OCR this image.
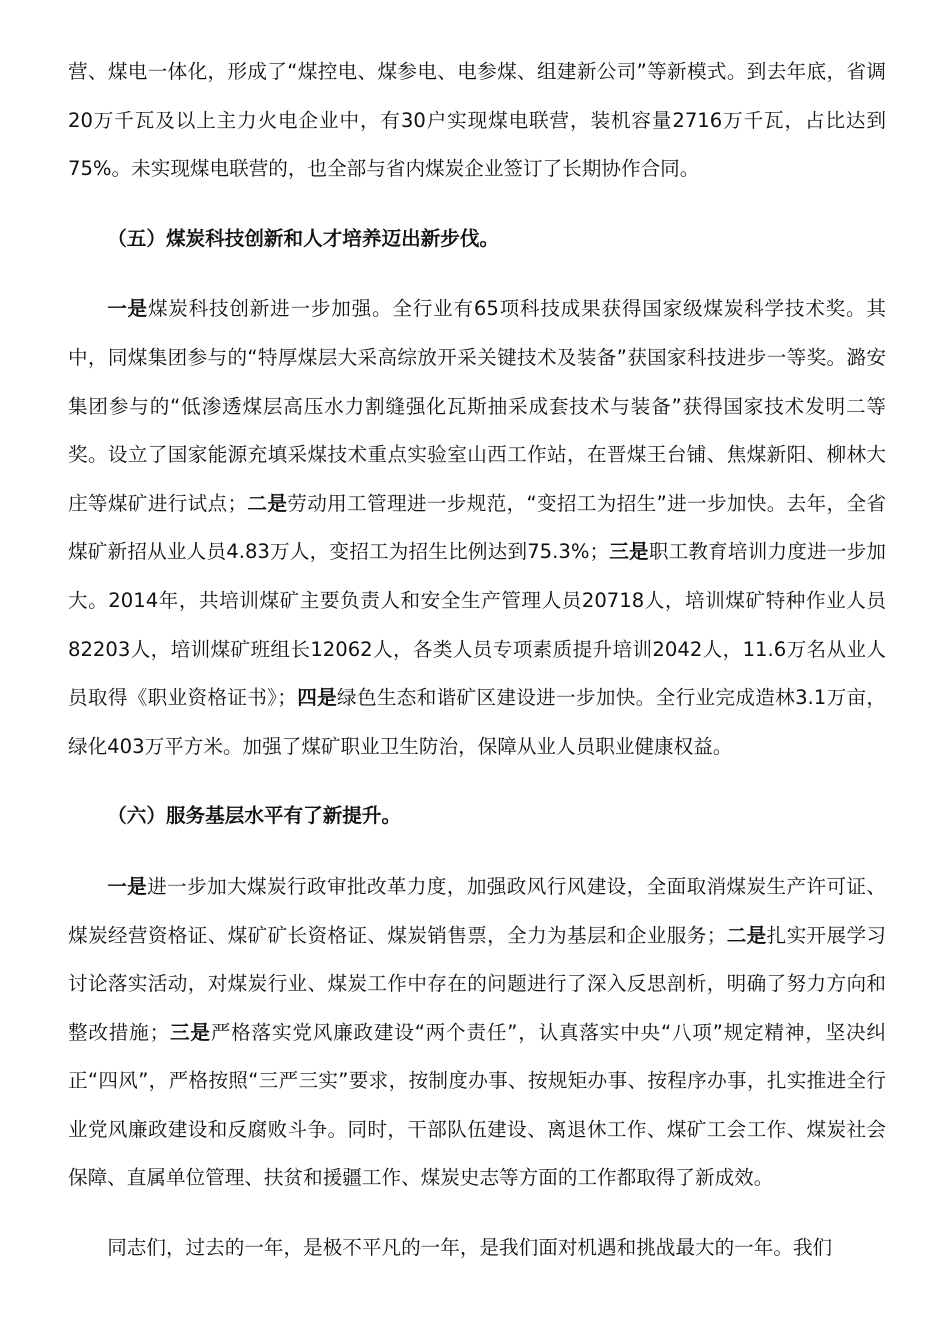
营、煤电一体化，形成了“煤控电、煤参电、电参煤、组建新公司”等新模式。到去年底，省调20万千瓦及以上主力火电企业中，有30户实现煤电联营，装机容量2716万千瓦，占比达到75%。未实现煤电联营的，也全部与省内煤炭企业签订了长期协作合同。

（五）煤炭科技创新和人才培养迈出新步伐。

一是煤炭科技创新进一步加强。全行业有65项科技成果获得国家级煤炭科学技术奖。其中，同煤集团参与的“特厚煤层大采高综放开采关键技术及装备”获国家科技进步一等奖。潞安集团参与的“低渗透煤层高压水力割缝强化瓦斯抽采成套技术与装备”获得国家技术发明二等奖。设立了国家能源充填采煤技术重点实验室山西工作站，在晋煤王台铺、焦煤新阳、柳林大庄等煤矿进行试点；二是劳动用工管理进一步规范，“变招工为招生”进一步加快。去年，全省煤矿新招从业人员4.83万人，变招工为招生比例达到75.3%；三是职工教育培训力度进一步加大。2014年，共培训煤矿主要负责人和安全生产管理人员20718人，培训煤矿特种作业人员82203人，培训煤矿班组长12062人，各类人员专项素质提升培训2042人，11.6万名从业人员取得《职业资格证书》；四是绿色生态和谐矿区建设进一步加快。全行业完成造林3.1万亩，绿化403万平方米。加强了煤矿职业卫生防治，保障从业人员职业健康权益。

（六）服务基层水平有了新提升。

一是进一步加大煤炭行政审批改革力度，加强政风行风建设，全面取消煤炭生产许可证、煤炭经营资格证、煤矿矿长资格证、煤炭销售票，全力为基层和企业服务；二是扎实开展学习讨论落实活动，对煤炭行业、煤炭工作中存在的问题进行了深入反思剖析，明确了努力方向和整改措施；三是严格落实党风廉政建设“两个责任”，认真落实中央“八项”规定精神，坚决纠正“四风”，严格按照“三严三实”要求，按制度办事、按规矩办事、按程序办事，扎实推进全行业党风廉政建设和反腐败斗争。同时，干部队伍建设、离退休工作、煤矿工会工作、煤炭社会保障、直属单位管理、扶贫和援疆工作、煤炭史志等方面的工作都取得了新成效。

同志们，过去的一年，是极不平凡的一年，是我们面对机遇和挑战最大的一年。我们
